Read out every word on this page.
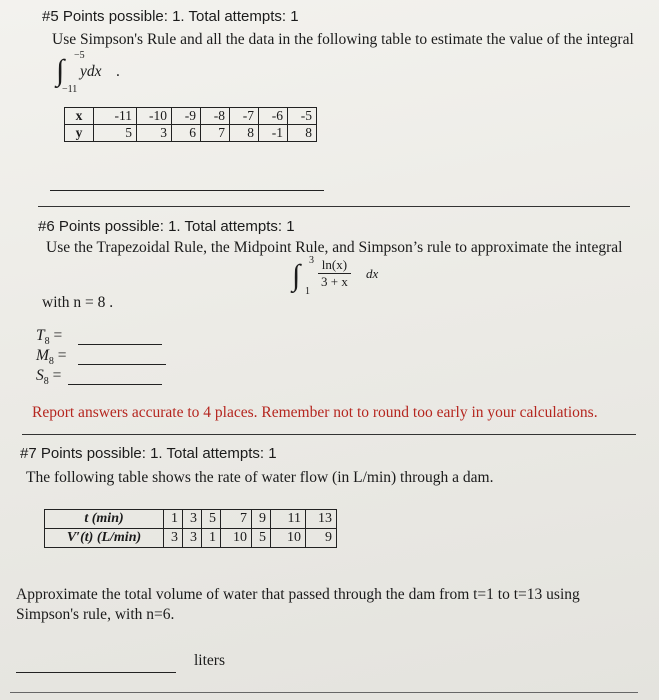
#5 Points possible: 1. Total attempts: 1
Use Simpson's Rule and all the data in the following table to estimate the value of the integral
−5
∫
−11
ydx .
x	-11	-10	-9	-8	-7	-6	-5
y	5	3	6	7	8	-1	8
#6 Points possible: 1. Total attempts: 1
Use the Trapezoidal Rule, the Midpoint Rule, and Simpson’s rule to approximate the integral
3
∫ 1
$\frac{\ln(x)}{3 + x}$ dx
with n = 8 .
$T_8$ =
$M_8$ =
$S_8$ =
Report answers accurate to 4 places. Remember not to round too early in your calculations.
#7 Points possible: 1. Total attempts: 1
The following table shows the rate of water flow (in L/min) through a dam.
t (min)	1	3	5	7	9	11	13
V′(t) (L/min)	3	3	1	10	5	10	9
Approximate the total volume of water that passed through the dam from t=1 to t=13 using Simpson's rule, with n=6.
liters
